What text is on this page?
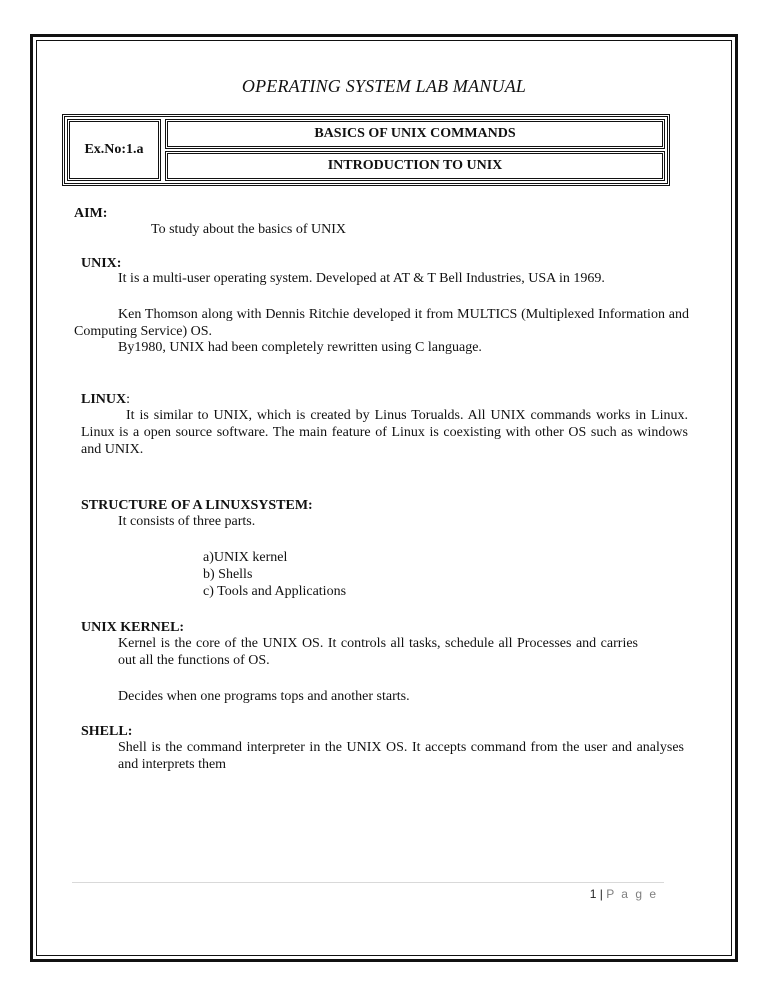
OPERATING SYSTEM LAB MANUAL
Ex.No:1.a
BASICS OF UNIX COMMANDS
INTRODUCTION TO UNIX
AIM:
To study about the basics of UNIX
UNIX:
It is a multi-user operating system. Developed at AT & T Bell Industries, USA in 1969.
Ken Thomson along with Dennis Ritchie developed it from MULTICS (Multiplexed Information and Computing Service) OS.
By1980, UNIX had been completely rewritten using C language.
LINUX:
It is similar to UNIX, which is created by Linus Torualds. All UNIX commands works in Linux. Linux is a open source software. The main feature of Linux is coexisting with other OS such as windows and UNIX.
STRUCTURE OF A LINUXSYSTEM:
It consists of three parts.
a)UNIX kernel
b) Shells
c) Tools and Applications
UNIX KERNEL:
Kernel is the core of the UNIX OS. It controls all tasks, schedule all Processes and carries out all the functions of OS.
Decides when one programs tops and another starts.
SHELL:
Shell is the command interpreter in the UNIX OS. It accepts command from the user and analyses and interprets them
1 | P a g e
